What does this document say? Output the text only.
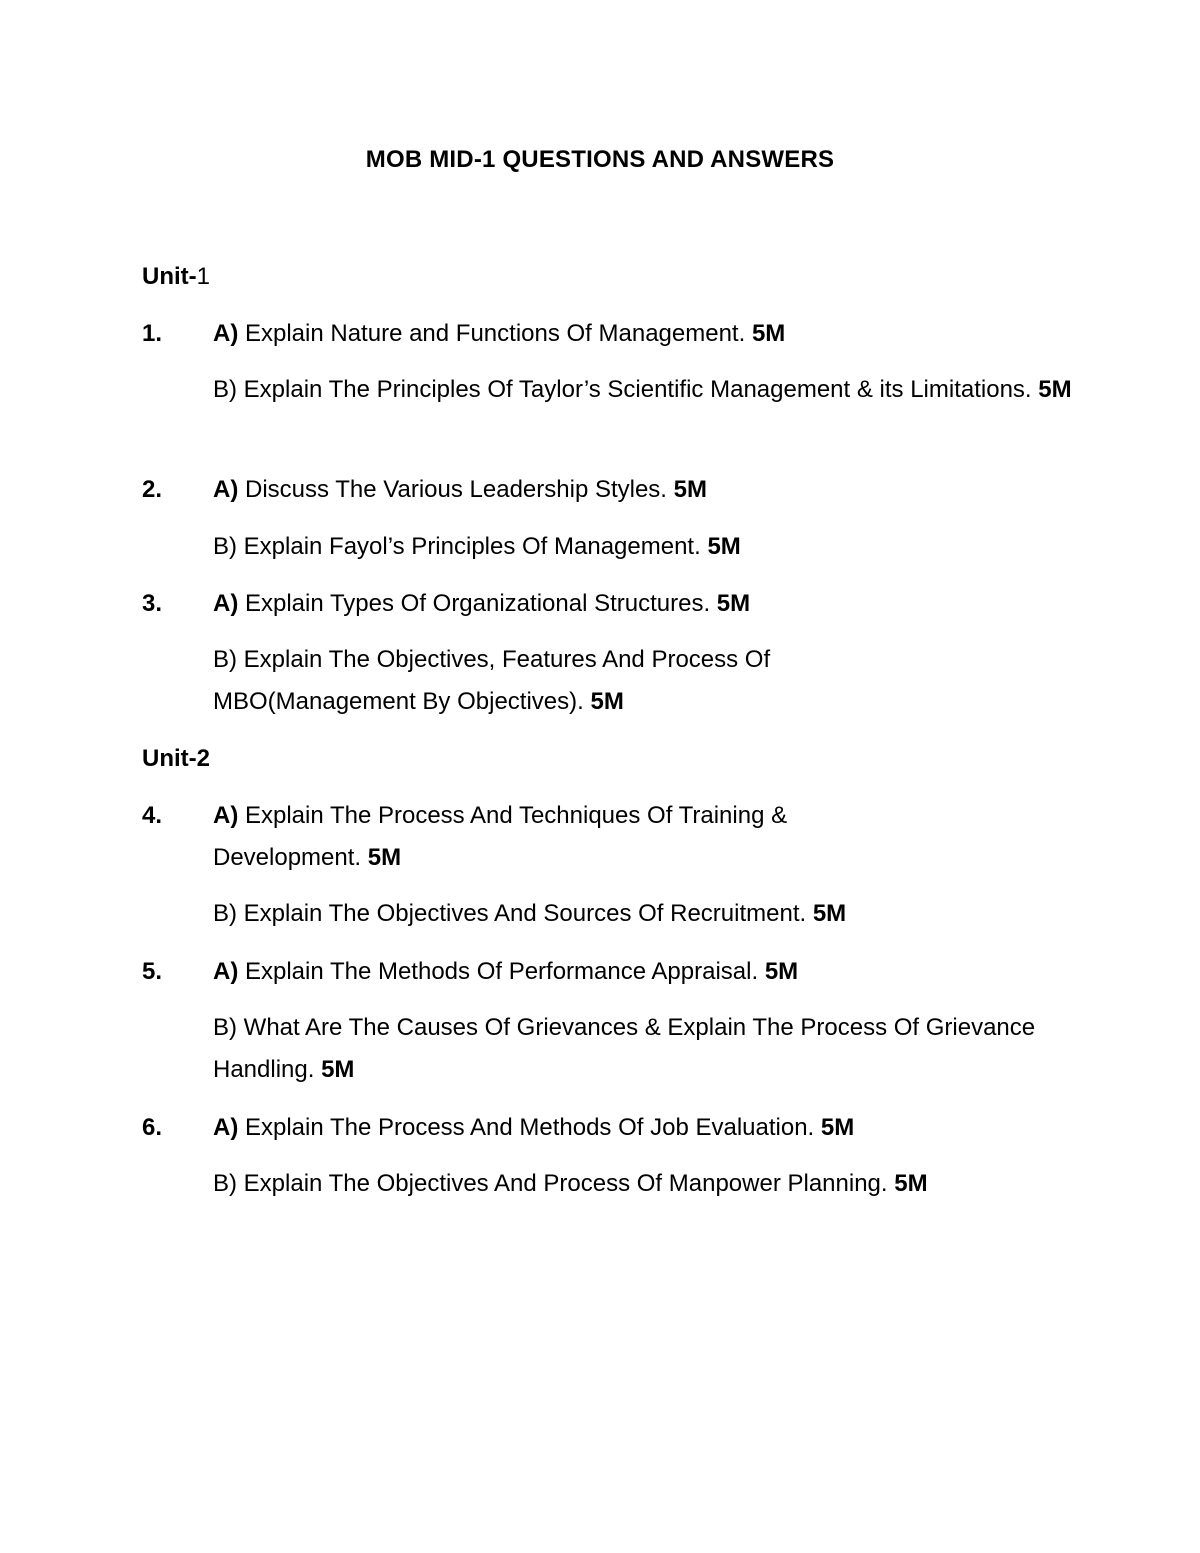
MOB MID-1 QUESTIONS AND ANSWERS
Unit-1
1. A) Explain Nature and Functions Of Management. 5M
B) Explain The Principles Of Taylor’s Scientific Management & its Limitations. 5M
2. A) Discuss The Various Leadership Styles. 5M
B) Explain Fayol’s Principles Of Management. 5M
3. A) Explain Types Of Organizational Structures. 5M
B) Explain The Objectives, Features And Process Of MBO(Management By Objectives). 5M
Unit-2
4. A) Explain The Process And Techniques Of Training & Development. 5M
B) Explain The Objectives And Sources Of Recruitment. 5M
5. A) Explain The Methods Of Performance Appraisal. 5M
B) What Are The Causes Of Grievances & Explain The Process Of Grievance Handling. 5M
6. A) Explain The Process And Methods Of Job Evaluation. 5M
B) Explain The Objectives And Process Of Manpower Planning. 5M
